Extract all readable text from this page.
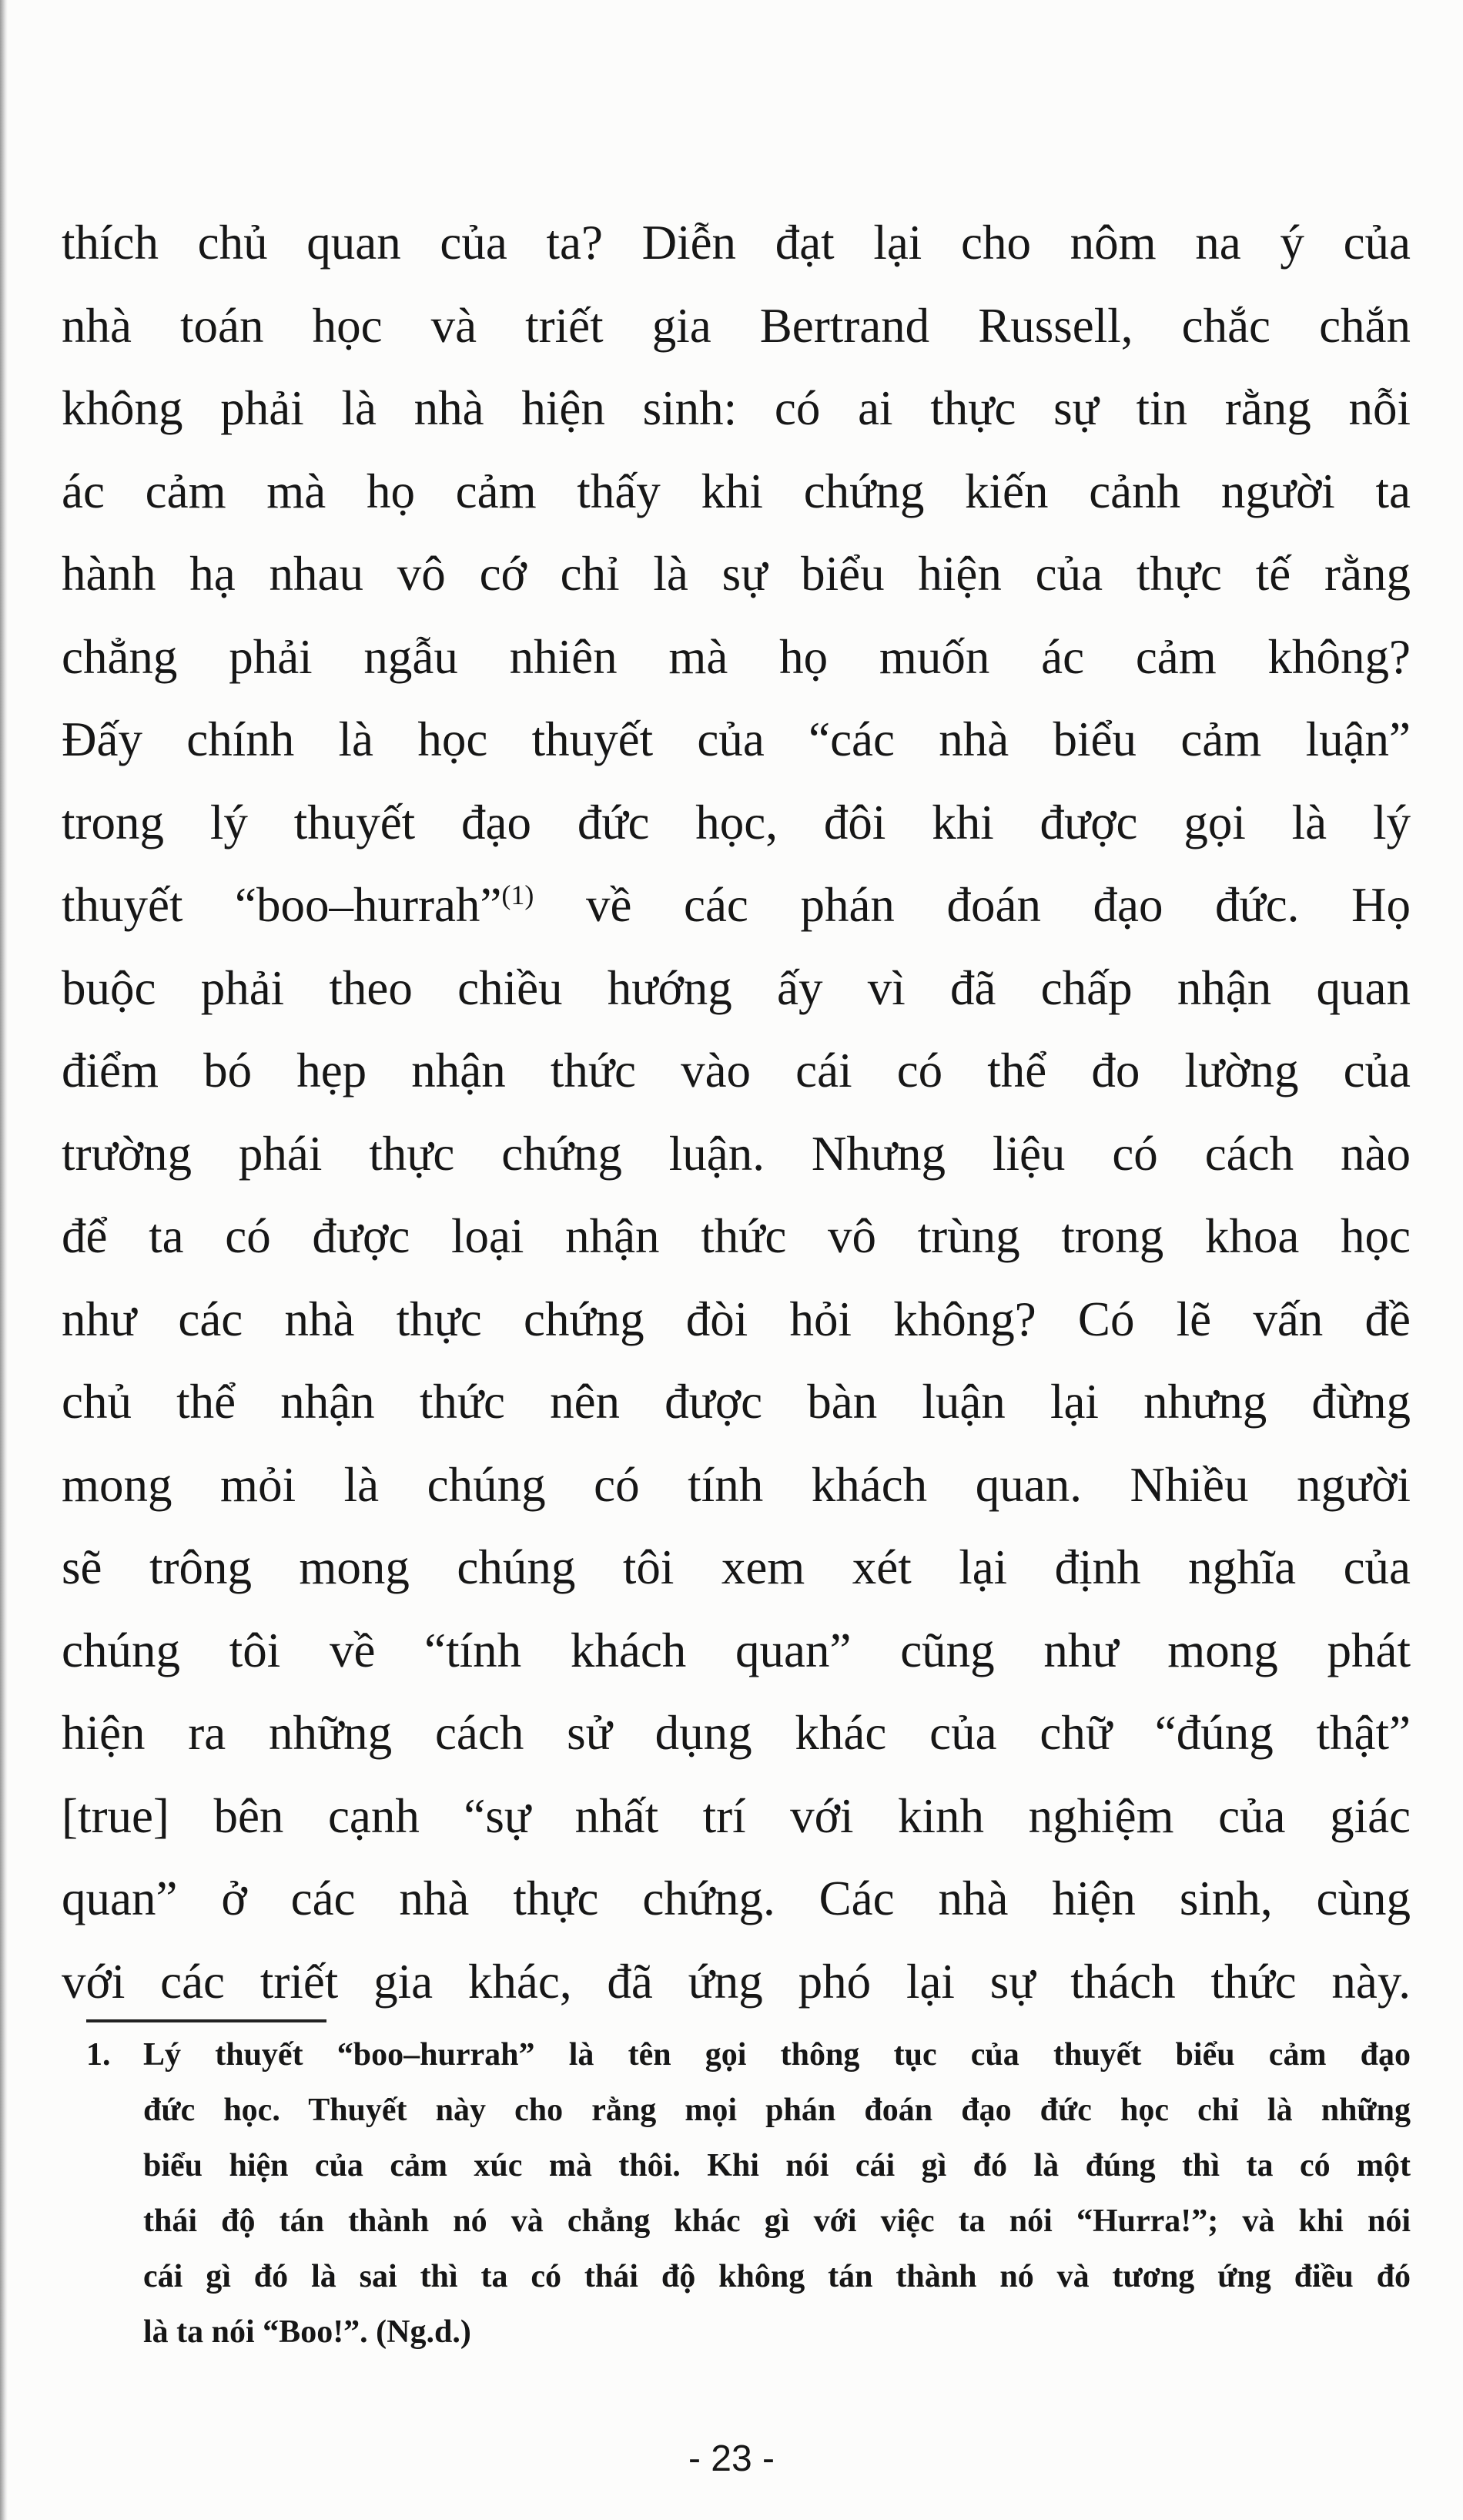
thích chủ quan của ta? Diễn đạt lại cho nôm na ý của
nhà toán học và triết gia Bertrand Russell, chắc chắn
không phải là nhà hiện sinh: có ai thực sự tin rằng nỗi
ác cảm mà họ cảm thấy khi chứng kiến cảnh người ta
hành hạ nhau vô cớ chỉ là sự biểu hiện của thực tế rằng
chẳng phải ngẫu nhiên mà họ muốn ác cảm không?
Đấy chính là học thuyết của “các nhà biểu cảm luận”
trong lý thuyết đạo đức học, đôi khi được gọi là lý
thuyết “boo–hurrah”$^{(1)}$ về các phán đoán đạo đức. Họ
buộc phải theo chiều hướng ấy vì đã chấp nhận quan
điểm bó hẹp nhận thức vào cái có thể đo lường của
trường phái thực chứng luận. Nhưng liệu có cách nào
để ta có được loại nhận thức vô trùng trong khoa học
như các nhà thực chứng đòi hỏi không? Có lẽ vấn đề
chủ thể nhận thức nên được bàn luận lại nhưng đừng
mong mỏi là chúng có tính khách quan. Nhiều người
sẽ trông mong chúng tôi xem xét lại định nghĩa của
chúng tôi về “tính khách quan” cũng như mong phát
hiện ra những cách sử dụng khác của chữ “đúng thật”
[true] bên cạnh “sự nhất trí với kinh nghiệm của giác
quan” ở các nhà thực chứng. Các nhà hiện sinh, cùng
với các triết gia khác, đã ứng phó lại sự thách thức này.
1. Lý thuyết “boo–hurrah” là tên gọi thông tục của thuyết biểu cảm đạo
đức học. Thuyết này cho rằng mọi phán đoán đạo đức học chỉ là những
biểu hiện của cảm xúc mà thôi. Khi nói cái gì đó là đúng thì ta có một
thái độ tán thành nó và chẳng khác gì với việc ta nói “Hurra!”; và khi nói
cái gì đó là sai thì ta có thái độ không tán thành nó và tương ứng điều đó
là ta nói “Boo!”. (Ng.d.)
- 23 -
